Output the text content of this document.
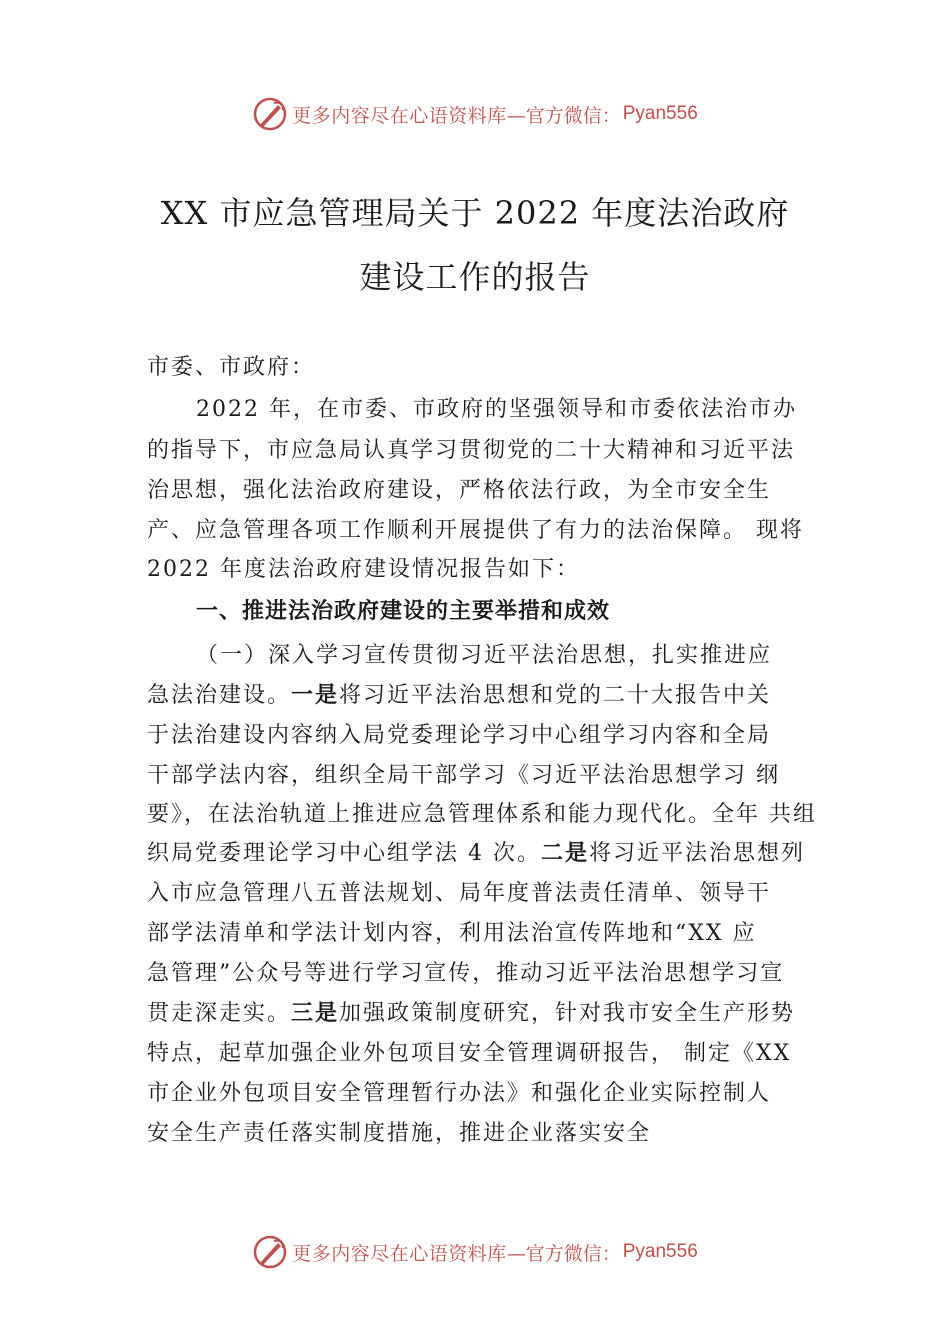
更多内容尽在心语资料库 —官方微信： Pyan556
XX 市应急管理局关于 2022 年度法治政府
建设工作的报告
市委、市政府：
2022 年，在市委、市政府的坚强领导和市委依法治市办
的指导下，市应急局认真学习贯彻党的二十大精神和习近平法
治思想，强化法治政府建设，严格依法行政，为全市安全生
产、应急管理各项工作顺利开展提供了有力的法治保障。 现将
2022 年度法治政府建设情况报告如下：
一、推进法治政府建设的主要举措和成效
（一）深入学习宣传贯彻习近平法治思想，扎实推进应
急法治建设。一是将习近平法治思想和党的二十大报告中关
于法治建设内容纳入局党委理论学习中心组学习内容和全局
干部学法内容，组织全局干部学习《习近平法治思想学习 纲
要》，在法治轨道上推进应急管理体系和能力现代化。全年 共组
织局党委理论学习中心组学法 4 次。二是将习近平法治思想列
入市应急管理八五普法规划、局年度普法责任清单、领导干
部学法清单和学法计划内容，利用法治宣传阵地和“XX 应
急管理”公众号等进行学习宣传，推动习近平法治思想学习宣
贯走深走实。三是加强政策制度研究，针对我市安全生产形势
特点，起草加强企业外包项目安全管理调研报告， 制定《XX
市企业外包项目安全管理暂行办法》和强化企业实际控制人
安全生产责任落实制度措施，推进企业落实安全
更多内容尽在心语资料库 —官方微信： Pyan556
